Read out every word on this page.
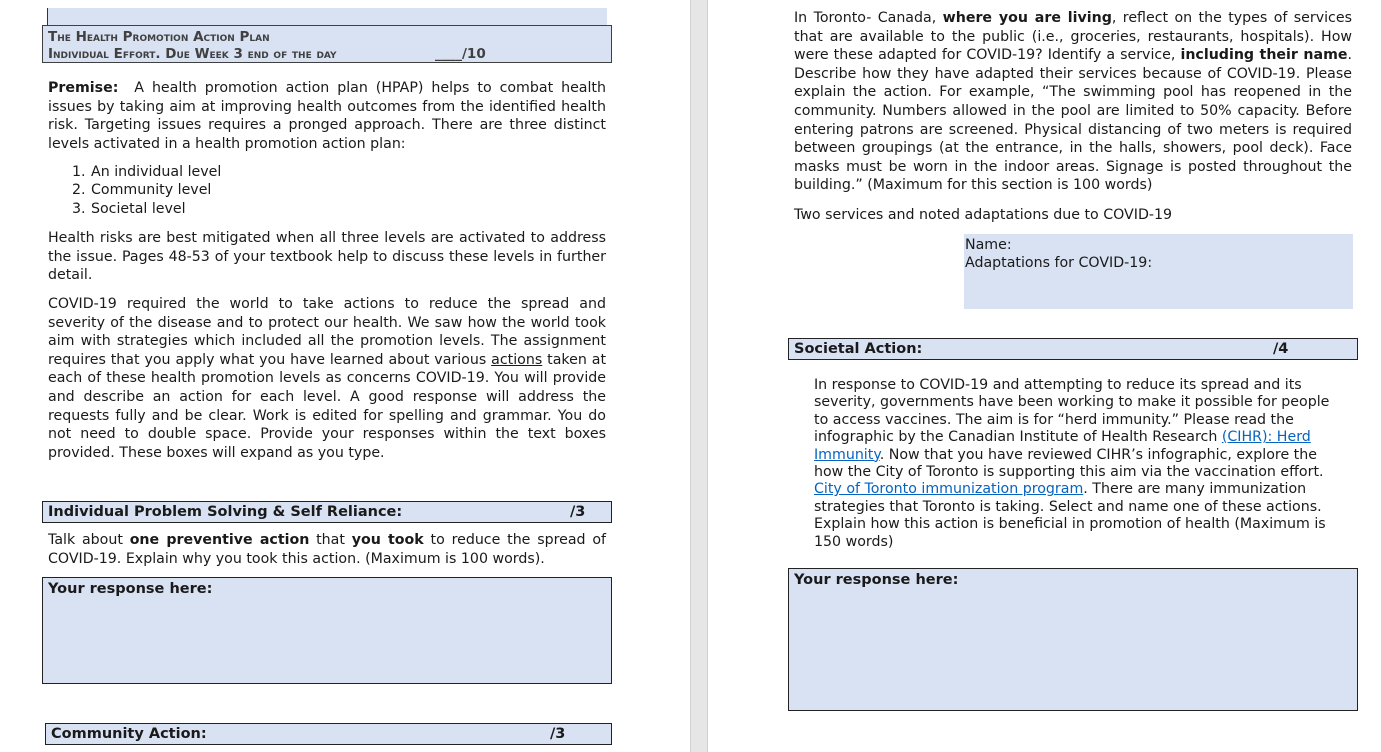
The Health Promotion Action Plan
Individual Effort. Due Week 3 end of the day	____/10

Premise: A health promotion action plan (HPAP) helps to combat health issues by taking aim at improving health outcomes from the identified health risk. Targeting issues requires a pronged approach. There are three distinct levels activated in a health promotion action plan:

1. An individual level
2. Community level
3. Societal level

Health risks are best mitigated when all three levels are activated to address the issue. Pages 48-53 of your textbook help to discuss these levels in further detail.

COVID-19 required the world to take actions to reduce the spread and severity of the disease and to protect our health. We saw how the world took aim with strategies which included all the promotion levels. The assignment requires that you apply what you have learned about various actions taken at each of these health promotion levels as concerns COVID-19. You will provide and describe an action for each level. A good response will address the requests fully and be clear. Work is edited for spelling and grammar. You do not need to double space. Provide your responses within the text boxes provided. These boxes will expand as you type.

Individual Problem Solving & Self Reliance:	/3

Talk about one preventive action that you took to reduce the spread of COVID-19. Explain why you took this action. (Maximum is 100 words).

Your response here:
Community Action:	/3

In Toronto- Canada, where you are living, reflect on the types of services that are available to the public (i.e., groceries, restaurants, hospitals). How were these adapted for COVID-19? Identify a service, including their name. Describe how they have adapted their services because of COVID-19. Please explain the action. For example, “The swimming pool has reopened in the community. Numbers allowed in the pool are limited to 50% capacity. Before entering patrons are screened. Physical distancing of two meters is required between groupings (at the entrance, in the halls, showers, pool deck). Face masks must be worn in the indoor areas. Signage is posted throughout the building.” (Maximum for this section is 100 words)

Two services and noted adaptations due to COVID-19

Name:
Adaptations for COVID-19:
Societal Action:	/4

In response to COVID-19 and attempting to reduce its spread and its severity, governments have been working to make it possible for people to access vaccines. The aim is for “herd immunity.” Please read the infographic by the Canadian Institute of Health Research (CIHR): Herd Immunity. Now that you have reviewed CIHR’s infographic, explore the how the City of Toronto is supporting this aim via the vaccination effort. City of Toronto immunization program. There are many immunization strategies that Toronto is taking. Select and name one of these actions. Explain how this action is beneficial in promotion of health (Maximum is 150 words)

Your response here:
